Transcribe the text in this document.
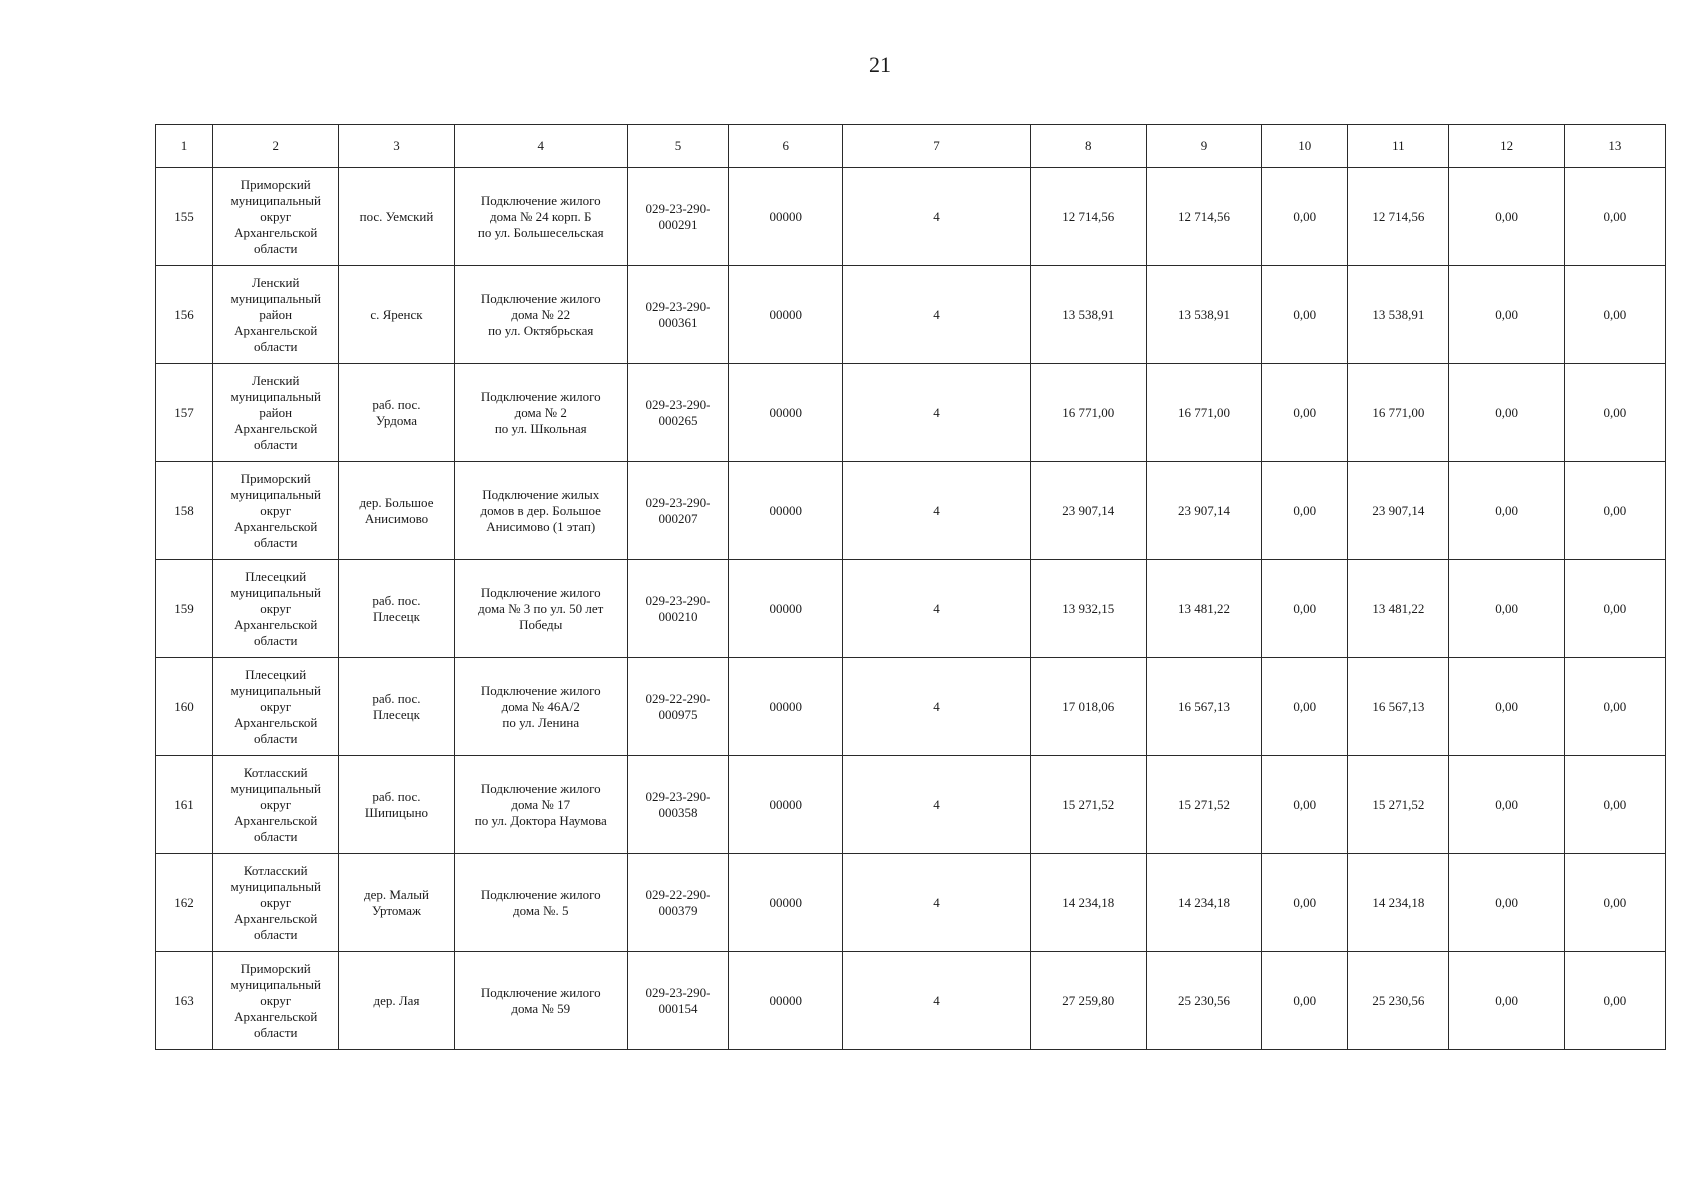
21
1	2	3	4	5	6	7	8	9	10	11	12	13
155	Приморский
муниципальный
округ
Архангельской
области	пос. Уемский	Подключение жилого
дома № 24 корп. Б
по ул. Большесельская	029-23-290-
000291	00000	4	12 714,56	12 714,56	0,00	12 714,56	0,00	0,00
156	Ленский
муниципальный
район
Архангельской
области	с. Яренск	Подключение жилого
дома № 22
по ул. Октябрьская	029-23-290-
000361	00000	4	13 538,91	13 538,91	0,00	13 538,91	0,00	0,00
157	Ленский
муниципальный
район
Архангельской
области	раб. пос.
Урдома	Подключение жилого
дома № 2
по ул. Школьная	029-23-290-
000265	00000	4	16 771,00	16 771,00	0,00	16 771,00	0,00	0,00
158	Приморский
муниципальный
округ
Архангельской
области	дер. Большое
Анисимово	Подключение жилых
домов в дер. Большое
Анисимово (1 этап)	029-23-290-
000207	00000	4	23 907,14	23 907,14	0,00	23 907,14	0,00	0,00
159	Плесецкий
муниципальный
округ
Архангельской
области	раб. пос.
Плесецк	Подключение жилого
дома № 3 по ул. 50 лет
Победы	029-23-290-
000210	00000	4	13 932,15	13 481,22	0,00	13 481,22	0,00	0,00
160	Плесецкий
муниципальный
округ
Архангельской
области	раб. пос.
Плесецк	Подключение жилого
дома № 46А/2
по ул. Ленина	029-22-290-
000975	00000	4	17 018,06	16 567,13	0,00	16 567,13	0,00	0,00
161	Котласский
муниципальный
округ
Архангельской
области	раб. пос.
Шипицыно	Подключение жилого
дома № 17
по ул. Доктора Наумова	029-23-290-
000358	00000	4	15 271,52	15 271,52	0,00	15 271,52	0,00	0,00
162	Котласский
муниципальный
округ
Архангельской
области	дер. Малый
Уртомаж	Подключение жилого
дома №. 5	029-22-290-
000379	00000	4	14 234,18	14 234,18	0,00	14 234,18	0,00	0,00
163	Приморский
муниципальный
округ
Архангельской
области	дер. Лая	Подключение жилого
дома № 59	029-23-290-
000154	00000	4	27 259,80	25 230,56	0,00	25 230,56	0,00	0,00
